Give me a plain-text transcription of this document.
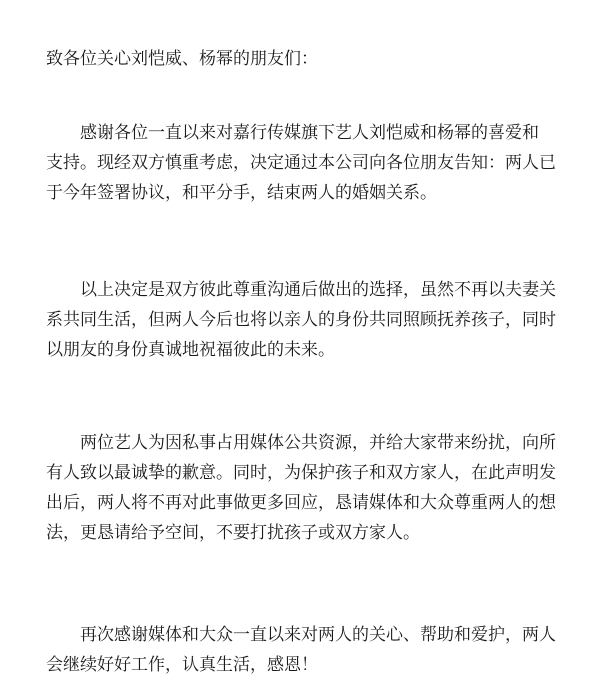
致各位关心刘恺威、杨幂的朋友们：
感谢各位一直以来对嘉行传媒旗下艺人刘恺威和杨幂的喜爱和
支持。现经双方慎重考虑，决定通过本公司向各位朋友告知：两人已
于今年签署协议，和平分手，结束两人的婚姻关系。
以上决定是双方彼此尊重沟通后做出的选择，虽然不再以夫妻关
系共同生活，但两人今后也将以亲人的身份共同照顾抚养孩子，同时
以朋友的身份真诚地祝福彼此的未来。
两位艺人为因私事占用媒体公共资源，并给大家带来纷扰，向所
有人致以最诚挚的歉意。同时，为保护孩子和双方家人，在此声明发
出后，两人将不再对此事做更多回应，恳请媒体和大众尊重两人的想
法，更恳请给予空间，不要打扰孩子或双方家人。
再次感谢媒体和大众一直以来对两人的关心、帮助和爱护，两人
会继续好好工作，认真生活，感恩！
